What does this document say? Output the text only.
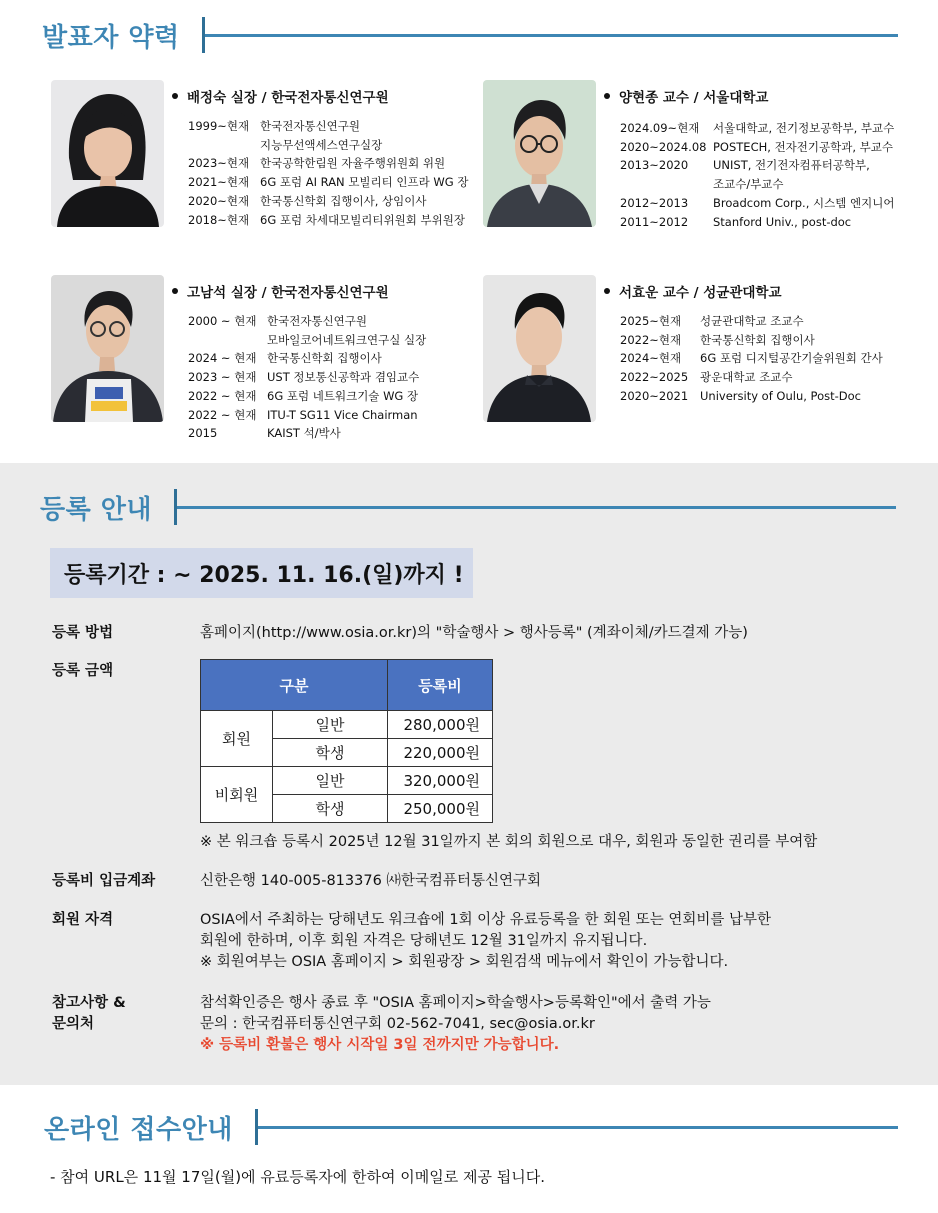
발표자 약력
배정숙 실장 / 한국전자통신연구원
1999~현재 한국전자통신연구원
지능무선액세스연구실장
2023~현재 한국공학한림원 자율주행위원회 위원
2021~현재 6G 포럼 AI RAN 모빌리티 인프라 WG 장
2020~현재 한국통신학회 집행이사, 상임이사
2018~현재 6G 포럼 차세대모빌리티위원회 부위원장
양현종 교수 / 서울대학교
2024.09~현재	서울대학교, 전기정보공학부, 부교수
2020~2024.08 POSTECH, 전자전기공학과, 부교수
2013~2020	UNIST, 전기전자컴퓨터공학부,
조교수/부교수
2012~2013	Broadcom Corp., 시스템 엔지니어
2011~2012	Stanford Univ., post-doc
고남석 실장 / 한국전자통신연구원
2000 ~ 현재 한국전자통신연구원
모바일코어네트워크연구실 실장
2024 ~ 현재 한국통신학회 집행이사
2023 ~ 현재 UST 정보통신공학과 겸임교수
2022 ~ 현재 6G 포럼 네트워크기술 WG 장
2022 ~ 현재 ITU-T SG11 Vice Chairman
2015	KAIST 석/박사
서효운 교수 / 성균관대학교
2025~현재	성균관대학교 조교수
2022~현재	한국통신학회 집행이사
2024~현재	6G 포럼 디지털공간기술위원회 간사
2022~2025	광운대학교 조교수
2020~2021	University of Oulu, Post-Doc
등록 안내
등록기간 : ~ 2025. 11. 16.(일)까지 !
등록 방법	홈페이지(http://www.osia.or.kr)의 "학술행사 > 행사등록" (계좌이체/카드결제 가능)
등록 금액
구분		등록비
회원	일반	280,000원
	학생	220,000원
비회원	일반	320,000원
	학생	250,000원
※ 본 워크숍 등록시 2025년 12월 31일까지 본 회의 회원으로 대우, 회원과 동일한 권리를 부여함
등록비 입금계좌	신한은행 140-005-813376 ㈔한국컴퓨터통신연구회
회원 자격	OSIA에서 주최하는 당해년도 워크숍에 1회 이상 유료등록을 한 회원 또는 연회비를 납부한
회원에 한하며, 이후 회원 자격은 당해년도 12월 31일까지 유지됩니다.
※ 회원여부는 OSIA 홈페이지 > 회원광장 > 회원검색 메뉴에서 확인이 가능합니다.
참고사항 &
문의처
참석확인증은 행사 종료 후 "OSIA 홈페이지>학술행사>등록확인"에서 출력 가능
문의 : 한국컴퓨터통신연구회 02-562-7041, sec@osia.or.kr
※ 등록비 환불은 행사 시작일 3일 전까지만 가능합니다.
온라인 접수안내
- 참여 URL은 11월 17일(월)에 유료등록자에 한하여 이메일로 제공 됩니다.
